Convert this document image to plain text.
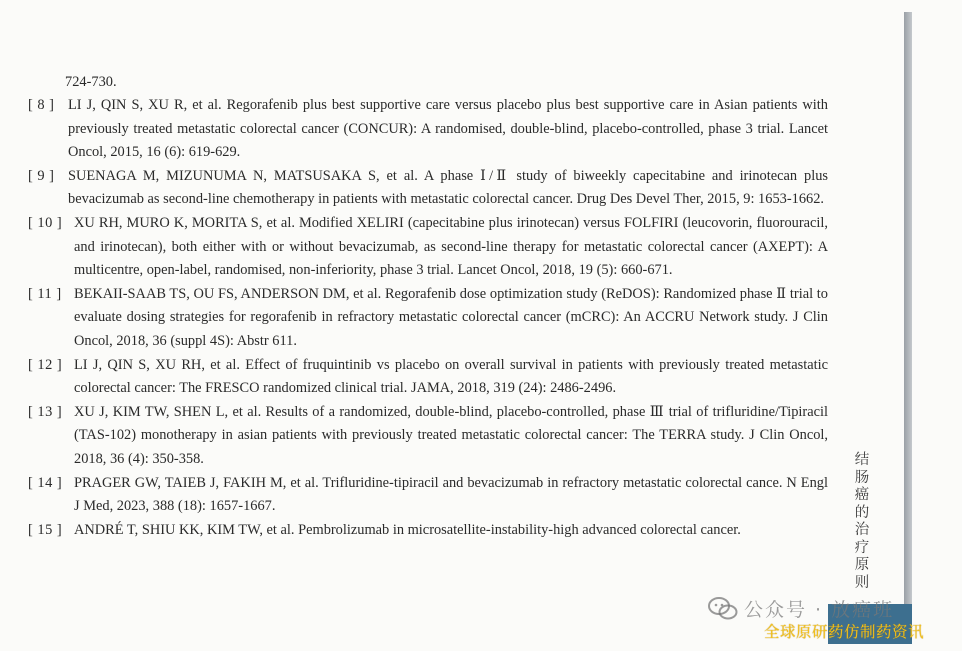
724-730.
[ 8 ] LI J, QIN S, XU R, et al. Regorafenib plus best supportive care versus placebo plus best supportive care in Asian patients with previously treated metastatic colorectal cancer (CONCUR): A randomised, double-blind, placebo-controlled, phase 3 trial. Lancet Oncol, 2015, 16 (6): 619-629.
[ 9 ] SUENAGA M, MIZUNUMA N, MATSUSAKA S, et al. A phase Ⅰ/Ⅱ study of biweekly capecitabine and irinotecan plus bevacizumab as second-line chemotherapy in patients with metastatic colorectal cancer. Drug Des Devel Ther, 2015, 9: 1653-1662.
[ 10 ] XU RH, MURO K, MORITA S, et al. Modified XELIRI (capecitabine plus irinotecan) versus FOLFIRI (leucovorin, fluorouracil, and irinotecan), both either with or without bevacizumab, as second-line therapy for metastatic colorectal cancer (AXEPT): A multicentre, open-label, randomised, non-inferiority, phase 3 trial. Lancet Oncol, 2018, 19 (5): 660-671.
[ 11 ] BEKAII-SAAB TS, OU FS, ANDERSON DM, et al. Regorafenib dose optimization study (ReDOS): Randomized phase Ⅱ trial to evaluate dosing strategies for regorafenib in refractory metastatic colorectal cancer (mCRC): An ACCRU Network study. J Clin Oncol, 2018, 36 (suppl 4S): Abstr 611.
[ 12 ] LI J, QIN S, XU RH, et al. Effect of fruquintinib vs placebo on overall survival in patients with previously treated metastatic colorectal cancer: The FRESCO randomized clinical trial. JAMA, 2018, 319 (24): 2486-2496.
[ 13 ] XU J, KIM TW, SHEN L, et al. Results of a randomized, double-blind, placebo-controlled, phase Ⅲ trial of trifluridine/Tipiracil (TAS-102) monotherapy in asian patients with previously treated metastatic colorectal cancer: The TERRA study. J Clin Oncol, 2018, 36 (4): 350-358.
[ 14 ] PRAGER GW, TAIEB J, FAKIH M, et al. Trifluridine-tipiracil and bevacizumab in refractory metastatic colorectal cance. N Engl J Med, 2023, 388 (18): 1657-1667.
[ 15 ] ANDRÉ T, SHIU KK, KIM TW, et al. Pembrolizumab in microsatellite-instability-high advanced colorectal cancer.
结肠癌的治疗原则
公众号 · 放癌班
全球原研药仿制药资讯
